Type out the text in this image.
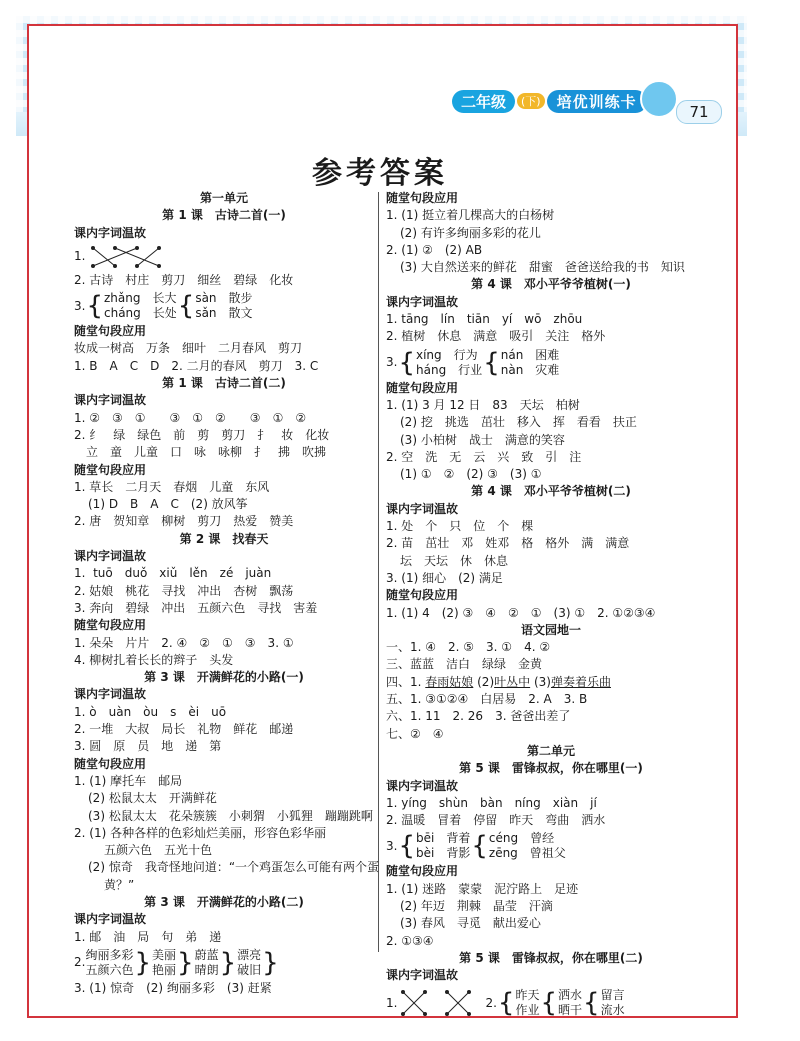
二年级	(下)	培优训练卡
71
参考答案
第一单元
第 1 课　古诗二首(一)
课内字词温故
1.
2. 古诗　村庄　剪刀　细丝　碧绿　化妆
3. { zhǎng　长大
cháng　长处 { sàn　散步
sǎn　散文
随堂句段应用
妆成一树高　万条　细叶　二月春风　剪刀
1. B　A　C　D　2. 二月的春风　剪刀　3. C
第 1 课　古诗二首(二)
课内字词温故
1. ②　③　①　　③　①　②　　③　①　②
2. 纟　绿　绿色　前　剪　剪刀　扌　妆　化妆
　立　童　儿童　口　咏　咏柳　扌　拂　吹拂
随堂句段应用
1. 草长　二月天　春烟　儿童　东风
(1) D　B　A　C　(2) 放风筝
2. 唐　贺知章　柳树　剪刀　热爱　赞美
第 2 课　找春天
课内字词温故
1.  tuō　duǒ　xiǔ　lěn　zé　juàn
2. 姑娘　桃花　寻找　冲出　杏树　飘荡
3. 奔向　碧绿　冲出　五颜六色　寻找　害羞
随堂句段应用
1. 朵朵　片片　2. ④　②　①　③　3. ①
4. 柳树扎着长长的辫子　头发
第 3 课　开满鲜花的小路(一)
课内字词温故
1. ò　uàn　òu　s　èi　uō
2. 一堆　大叔　局长　礼物　鲜花　邮递
3. 圆　原　员　地　递　第
随堂句段应用
1. (1) 摩托车　邮局
(2) 松鼠太太　开满鲜花
(3) 松鼠太太　花朵簇簇　小刺猬　小狐狸　蹦蹦跳啊
2. (1) 各种各样的色彩灿烂美丽，形容色彩华丽
五颜六色　五光十色
(2) 惊奇　我奇怪地问道：“一个鸡蛋怎么可能有两个蛋
黄？”
第 3 课　开满鲜花的小路(二)
课内字词温故
1. 邮　油　局　句　弟　递
2.
绚丽多彩
五颜六色 } 美丽
艳丽 } 蔚蓝
晴朗 } 漂亮
破旧 }
3. (1) 惊奇　(2) 绚丽多彩　(3) 赶紧
随堂句段应用
1. (1) 挺立着几棵高大的白杨树
(2) 有许多绚丽多彩的花儿
2. (1) ②　(2) AB
(3) 大自然送来的鲜花　甜蜜　爸爸送给我的书　知识
第 4 课　邓小平爷爷植树(一)
课内字词温故
1. tāng　lín　tiān　yí　wō　zhōu
2. 植树　休息　满意　吸引　关注　格外
3. { xíng　行为
háng　行业 { nán　困难
nàn　灾难
随堂句段应用
1. (1) 3 月 12 日　83　天坛　柏树
(2) 挖　挑选　茁壮　移入　挥　看看　扶正
(3) 小柏树　战士　满意的笑容
2. 空　洗　无　云　兴　致　引　注
(1) ①　②　(2) ③　(3) ①
第 4 课　邓小平爷爷植树(二)
课内字词温故
1. 处　个　只　位　个　棵
2. 苗　茁壮　邓　姓邓　格　格外　满　满意
坛　天坛　休　休息
3. (1) 细心　(2) 满足
随堂句段应用
1. (1) 4　(2) ③　④　②　①　(3) ①　2. ①②③④
语文园地一
一、1. ④　2. ⑤　3. ①　4. ②
三、蓝蓝　洁白　绿绿　金黄
四、1. 春雨姑娘 (2)叶丛中 (3)弹奏着乐曲
五、1. ③①②④　白居易　2. A　3. B
六、1. 11　2. 26　3. 爸爸出差了
七、②　④
第二单元
第 5 课　雷锋叔叔，你在哪里(一)
课内字词温故
1. yíng　shùn　bàn　níng　xiàn　jí
2. 温暖　冒着　停留　昨天　弯曲　洒水
3. { bēi　背着
bèi　背影 { céng　曾经
zēng　曾祖父
随堂句段应用
1. (1) 迷路　蒙蒙　泥泞路上　足迹
(2) 年迈　荆棘　晶莹　汗滴
(3) 春风　寻觅　献出爱心
2. ①③④
第 5 课　雷锋叔叔，你在哪里(二)
课内字词温故
1.	2. { 昨天
作业 { 洒水
晒干 { 留言
流水
